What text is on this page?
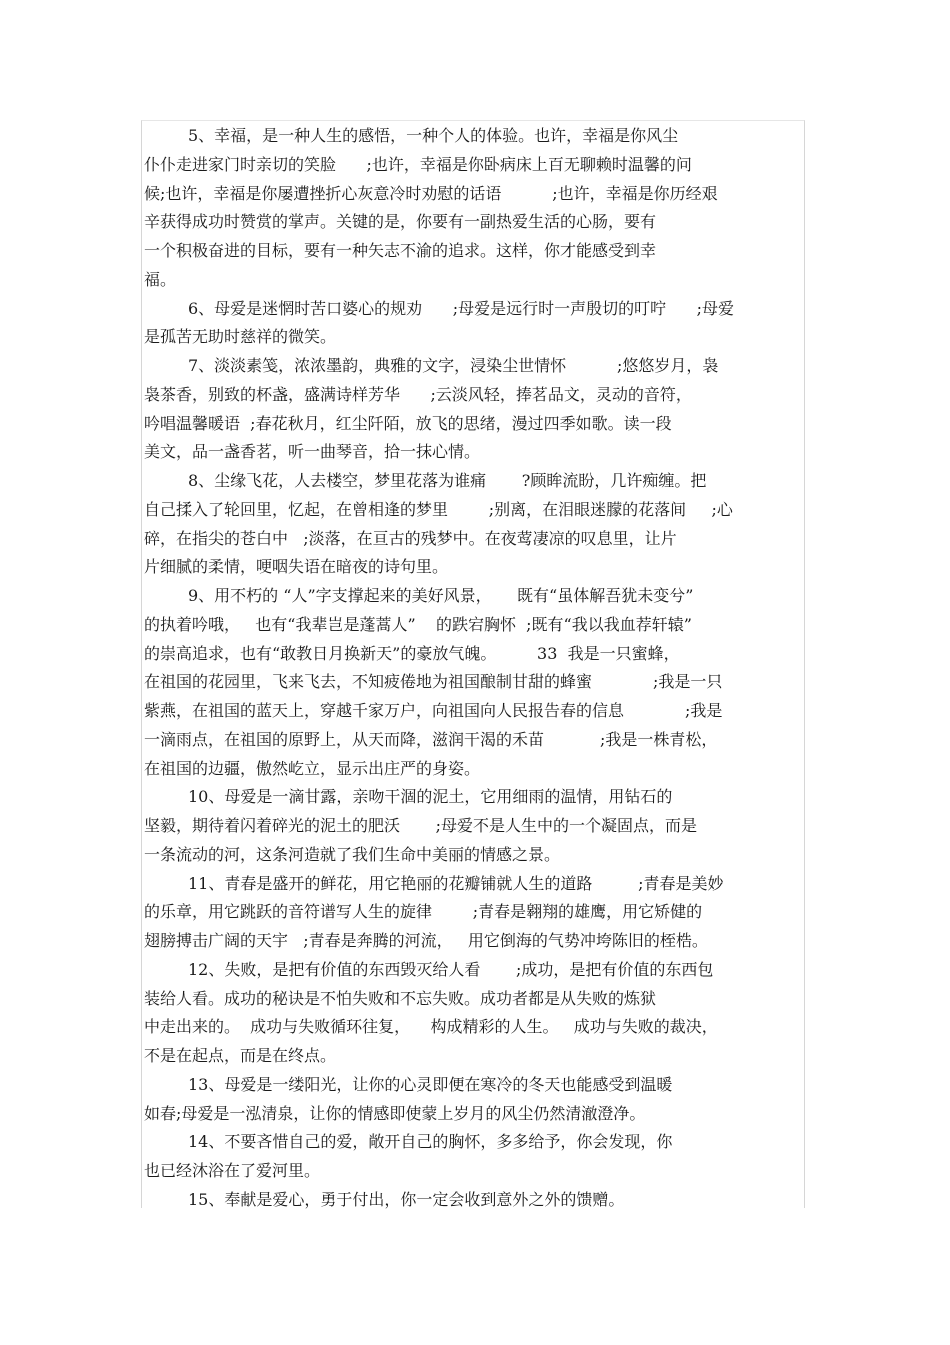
5、幸福，是一种人生的感悟，一种个人的体验。也许，幸福是你风尘
仆仆走进家门时亲切的笑脸      ;也许，幸福是你卧病床上百无聊赖时温馨的问
候;也许，幸福是你屡遭挫折心灰意冷时劝慰的话语          ;也许，幸福是你历经艰
辛获得成功时赞赏的掌声。关键的是，你要有一副热爱生活的心肠，要有
一个积极奋进的目标，要有一种矢志不渝的追求。这样，你才能感受到幸
福。
6、母爱是迷惘时苦口婆心的规劝      ;母爱是远行时一声殷切的叮咛      ;母爱
是孤苦无助时慈祥的微笑。
7、淡淡素笺，浓浓墨韵，典雅的文字，浸染尘世情怀          ;悠悠岁月，袅
袅茶香，别致的杯盏，盛满诗样芳华      ;云淡风轻，捧茗品文，灵动的音符，
吟唱温馨暖语  ;春花秋月，红尘阡陌，放飞的思绪，漫过四季如歌。读一段
美文，品一盏香茗，听一曲琴音，拾一抹心情。
8、尘缘飞花，人去楼空，梦里花落为谁痛       ?顾眸流盼，几许痴缠。把
自己揉入了轮回里，忆起，在曾相逢的梦里        ;别离，在泪眼迷朦的花落间     ;心
碎，在指尖的苍白中   ;淡落，在亘古的残梦中。在夜莺凄凉的叹息里，让片
片细腻的柔情，哽咽失语在暗夜的诗句里。
9、用不朽的 “人”字支撑起来的美好风景，     既有“虽体解吾犹未变兮”
的执着吟哦，   也有“我辈岂是蓬蒿人”    的跌宕胸怀  ;既有“我以我血荐轩辕”
的崇高追求，也有“敢教日月换新天”的豪放气魄。        33  我是一只蜜蜂，
在祖国的花园里，飞来飞去，不知疲倦地为祖国酿制甘甜的蜂蜜            ;我是一只
紫燕，在祖国的蓝天上，穿越千家万户，向祖国向人民报告春的信息            ;我是
一滴雨点，在祖国的原野上，从天而降，滋润干渴的禾苗           ;我是一株青松，
在祖国的边疆，傲然屹立，显示出庄严的身姿。
10、母爱是一滴甘露，亲吻干涸的泥土，它用细雨的温情，用钻石的
坚毅，期待着闪着碎光的泥土的肥沃       ;母爱不是人生中的一个凝固点，而是
一条流动的河，这条河造就了我们生命中美丽的情感之景。
11、青春是盛开的鲜花，用它艳丽的花瓣铺就人生的道路         ;青春是美妙
的乐章，用它跳跃的音符谱写人生的旋律        ;青春是翱翔的雄鹰，用它矫健的
翅膀搏击广阔的天宇   ;青春是奔腾的河流，   用它倒海的气势冲垮陈旧的桎梏。
12、失败，是把有价值的东西毁灭给人看       ;成功，是把有价值的东西包
装给人看。成功的秘诀是不怕失败和不忘失败。成功者都是从失败的炼狱
中走出来的。  成功与失败循环往复，    构成精彩的人生。   成功与失败的裁决，
不是在起点，而是在终点。
13、母爱是一缕阳光，让你的心灵即便在寒冷的冬天也能感受到温暖
如春;母爱是一泓清泉，让你的情感即使蒙上岁月的风尘仍然清澈澄净。
14、不要吝惜自己的爱，敞开自己的胸怀，多多给予，你会发现，你
也已经沐浴在了爱河里。
15、奉献是爱心，勇于付出，你一定会收到意外之外的馈赠。
